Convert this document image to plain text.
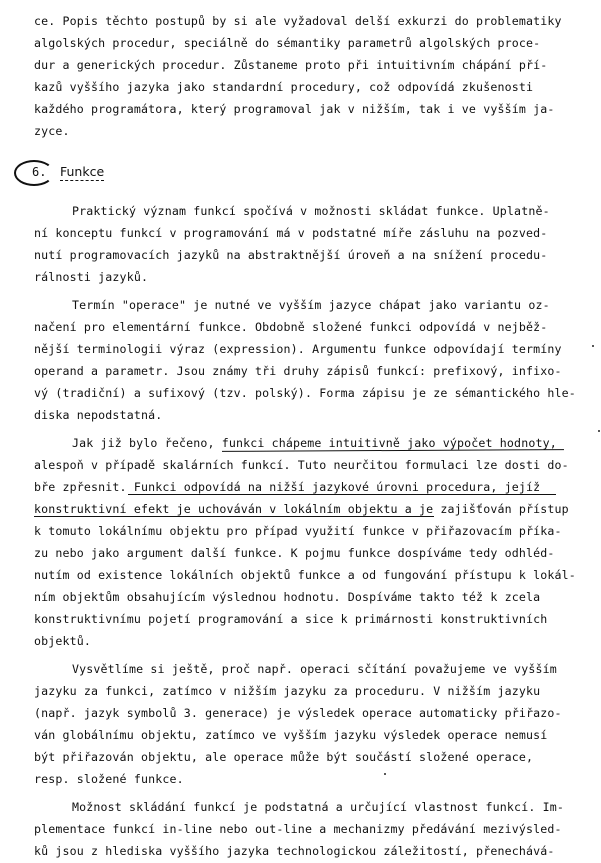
ce. Popis těchto postupů by si ale vyžadoval delší exkurzi do problematiky
algolských procedur, speciálně do sémantiky parametrů algolských proce-
dur a generických procedur. Zůstaneme proto při intuitivním chápání pří-
kazů vyššího jazyka jako standardní procedury, což odpovídá zkušenosti
každého programátora, který programoval jak v nižším, tak i ve vyšším ja-
zyce.
6. Funkce
Praktický význam funkcí spočívá v možnosti skládat funkce. Uplatně-
ní konceptu funkcí v programování má v podstatné míře zásluhu na pozved-
nutí programovacích jazyků na abstraktnější úroveň a na snížení procedu-
rálnosti jazyků.
Termín "operace" je nutné ve vyšším jazyce chápat jako variantu oz-
načení pro elementární funkce. Obdobně složené funkci odpovídá v nejběž-
nější terminologii výraz (expression). Argumentu funkce odpovídají termíny
operand a parametr. Jsou známy tři druhy zápisů funkcí: prefixový, infixo-
vý (tradiční) a sufixový (tzv. polský). Forma zápisu je ze sémantického hle-
diska nepodstatná.
Jak již bylo řečeno, funkci chápeme intuitivně jako výpočet hodnoty,
alespoň v případě skalárních funkcí. Tuto neurčitou formulaci lze dosti do-
bře zpřesnit. Funkci odpovídá na nižší jazykové úrovni procedura, jejíž
konstruktivní efekt je uchováván v lokálním objektu a je zajišťován přístup
k tomuto lokálnímu objektu pro případ využití funkce v přiřazovacím příka-
zu nebo jako argument další funkce. K pojmu funkce dospíváme tedy odhléd-
nutím od existence lokálních objektů funkce a od fungování přístupu k lokál-
ním objektům obsahujícím výslednou hodnotu. Dospíváme takto též k zcela
konstruktivnímu pojetí programování a sice k primárnosti konstruktivních
objektů.
Vysvětlíme si ještě, proč např. operaci sčítání považujeme ve vyšším
jazyku za funkci, zatímco v nižším jazyku za proceduru. V nižším jazyku
(např. jazyk symbolů 3. generace) je výsledek operace automaticky přiřazo-
ván globálnímu objektu, zatímco ve vyšším jazyku výsledek operace nemusí
být přiřazován objektu, ale operace může být součástí složené operace,
resp. složené funkce.
Možnost skládání funkcí je podstatná a určující vlastnost funkcí. Im-
plementace funkcí in-line nebo out-line a mechanizmy předávání mezivýsled-
ků jsou z hlediska vyššího jazyka technologickou záležitostí, přenechává-
